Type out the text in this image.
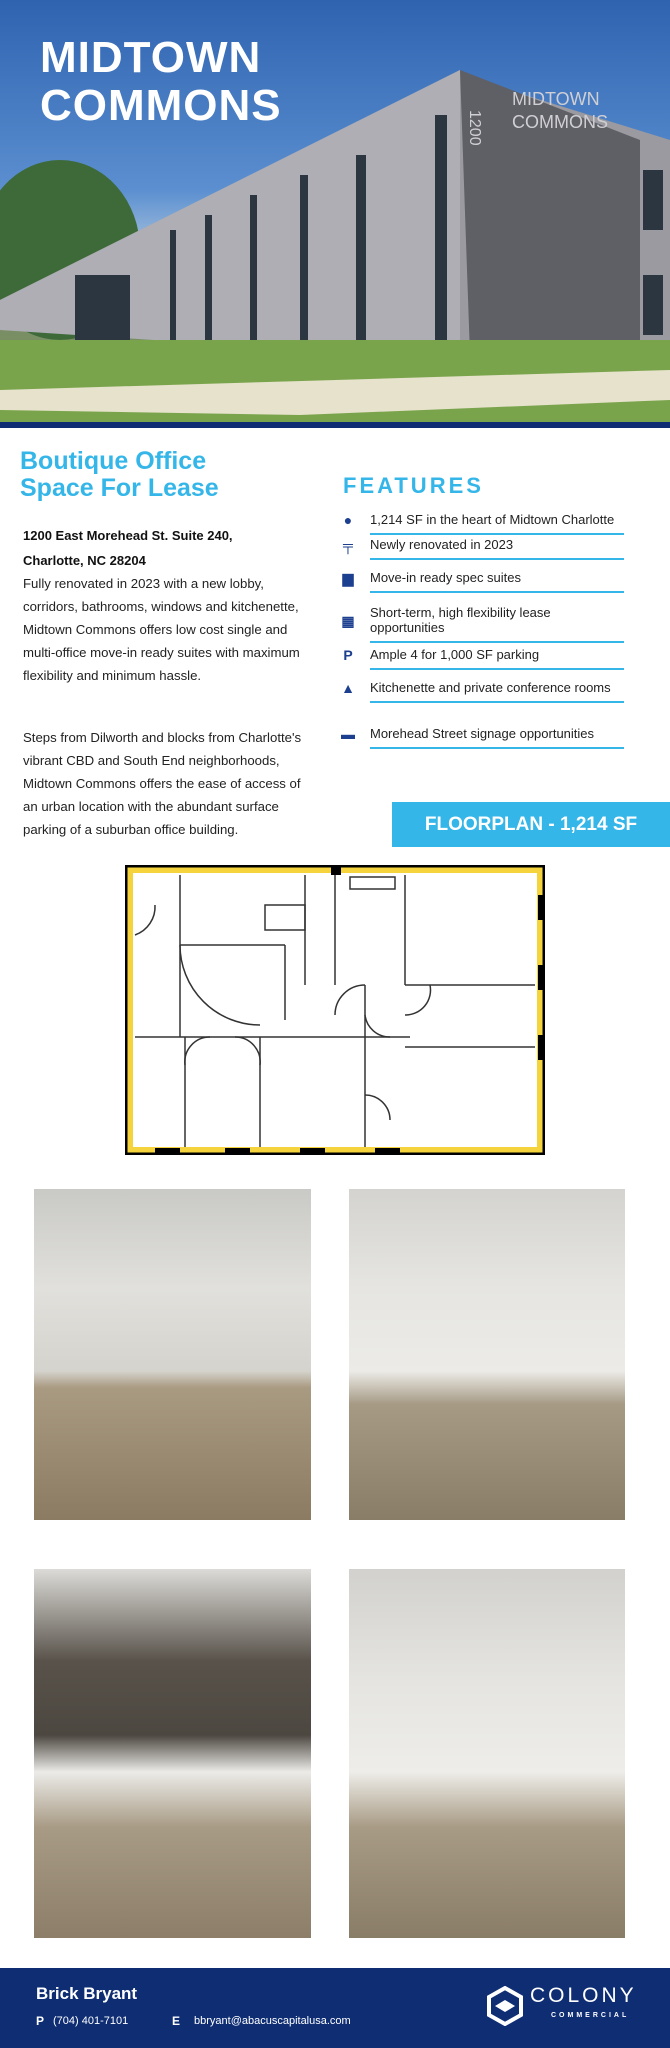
MIDTOWN
COMMONS
1200
MIDTOWN
COMMONS
Boutique Office
Space For Lease
1200 East Morehead St. Suite 240,
Charlotte, NC 28204
Fully renovated in 2023 with a new lobby, corridors, bathrooms, windows and kitchenette, Midtown Commons offers low cost single and multi-office move-in ready suites with maximum flexibility and minimum hassle.
Steps from Dilworth and blocks from Charlotte's vibrant CBD and South End neighborhoods, Midtown Commons offers the ease of access of an urban location with the abundant surface parking of a suburban office building.
FEATURES
●	1,214 SF in the heart of Midtown Charlotte
╤	Newly renovated in 2023
▆	Move-in ready spec suites
▦
Short-term, high flexibility lease opportunities
P	Ample 4 for 1,000 SF parking
▲ Kitchenette and private conference rooms
▬ Morehead Street signage opportunities
FLOORPLAN - 1,214 SF
Brick Bryant
P (704) 401-7101	E bbryant@abacuscapitalusa.com
COLONY
COMMERCIAL
